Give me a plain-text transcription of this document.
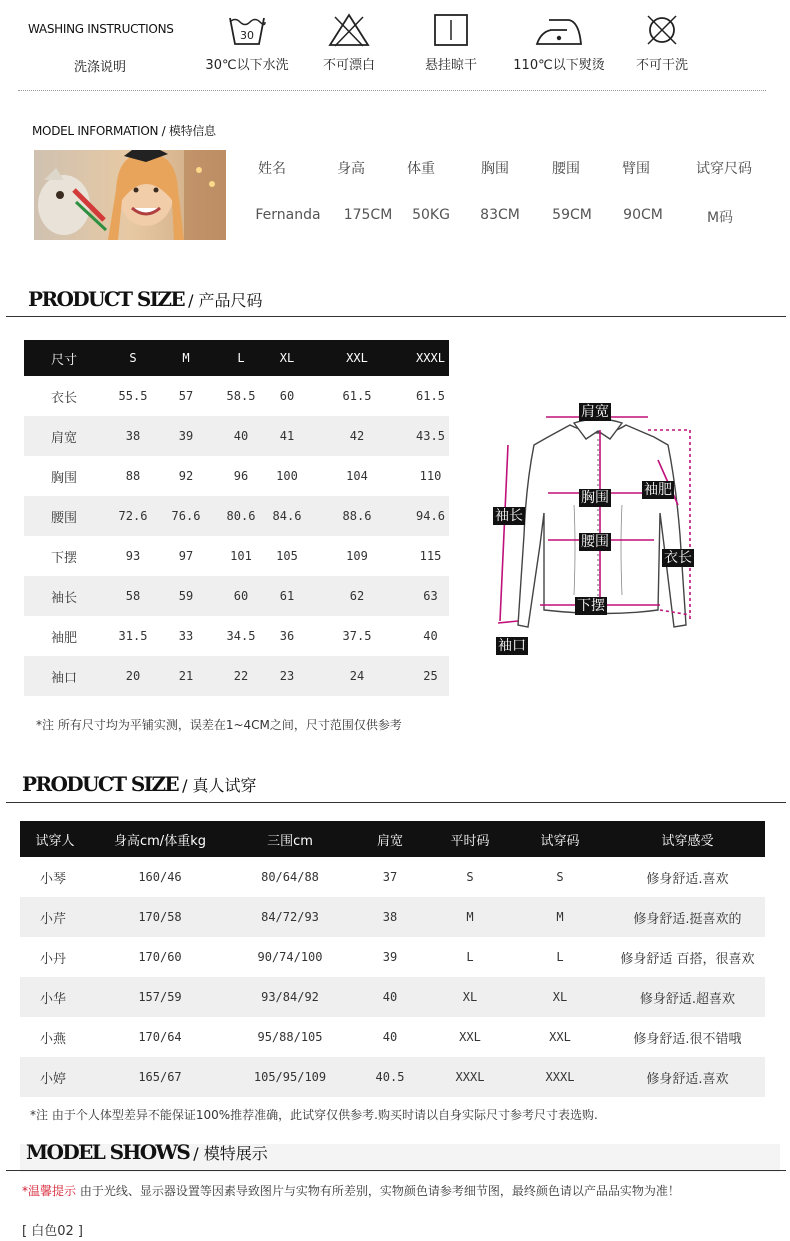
WASHING INSTRUCTIONS
洗涤说明
30
30℃以下水洗	不可漂白	悬挂晾干	110℃以下熨烫	不可干洗
MODEL INFORMATION / 模特信息
姓名	身高	体重	胸围	腰围	臂围	试穿尺码
Fernanda 175CM 50KG 83CM 59CM 90CM	M码
PRODUCT SIZE / 产品尺码
尺寸	S	M	L	XL	XXL	XXXL
衣长	55.5	57	58.5	60	61.5	61.5
肩宽	38	39	40	41	42	43.5
胸围	88	92	96	100	104	110
腰围	72.6	76.6	80.6	84.6	88.6	94.6
下摆	93	97	101	105	109	115
袖长	58	59	60	61	62	63
袖肥	31.5	33	34.5	36	37.5	40
袖口	20	21	22	23	24	25
*注 所有尺寸均为平铺实测，误差在1~4CM之间，尺寸范围仅供参考
肩宽
胸围	袖肥
袖长
腰围
衣长
下摆
袖口
PRODUCT SIZE / 真人试穿
试穿人	身高cm/体重kg	三围cm	肩宽	平时码	试穿码	试穿感受
小琴	160/46	80/64/88	37	S	S	修身舒适.喜欢
小芹	170/58	84/72/93	38	M	M	修身舒适.挺喜欢的
小丹	170/60	90/74/100	39	L	L	修身舒适 百搭，很喜欢
小华	157/59	93/84/92	40	XL	XL	修身舒适.超喜欢
小燕	170/64	95/88/105	40	XXL	XXL	修身舒适.很不错哦
小婷	165/67	105/95/109	40.5	XXXL	XXXL	修身舒适.喜欢
*注 由于个人体型差异不能保证100%推荐准确，此试穿仅供参考.购买时请以自身实际尺寸参考尺寸表选购.
MODEL SHOWS / 模特展示
*温馨提示 由于光线、显示器设置等因素导致图片与实物有所差别，实物颜色请参考细节图，最终颜色请以产品品实物为准！
[ 白色02 ]
